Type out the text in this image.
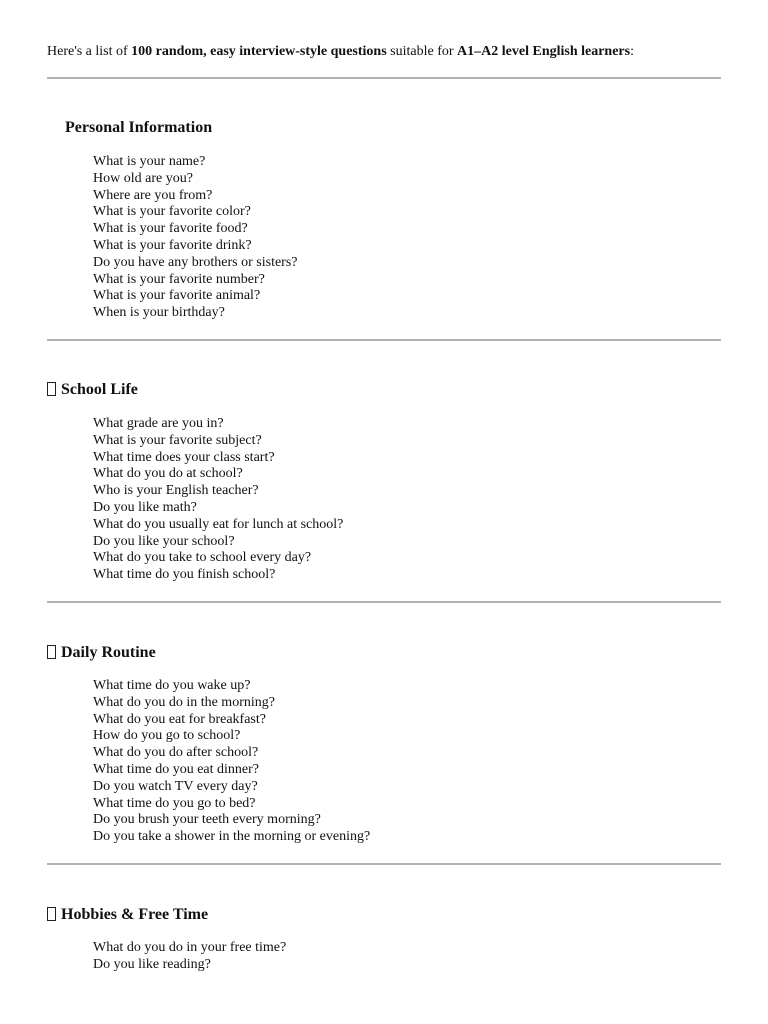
Here's a list of 100 random, easy interview-style questions suitable for A1–A2 level English learners:
Personal Information
What is your name?
How old are you?
Where are you from?
What is your favorite color?
What is your favorite food?
What is your favorite drink?
Do you have any brothers or sisters?
What is your favorite number?
What is your favorite animal?
When is your birthday?
School Life
What grade are you in?
What is your favorite subject?
What time does your class start?
What do you do at school?
Who is your English teacher?
Do you like math?
What do you usually eat for lunch at school?
Do you like your school?
What do you take to school every day?
What time do you finish school?
Daily Routine
What time do you wake up?
What do you do in the morning?
What do you eat for breakfast?
How do you go to school?
What do you do after school?
What time do you eat dinner?
Do you watch TV every day?
What time do you go to bed?
Do you brush your teeth every morning?
Do you take a shower in the morning or evening?
Hobbies & Free Time
What do you do in your free time?
Do you like reading?
